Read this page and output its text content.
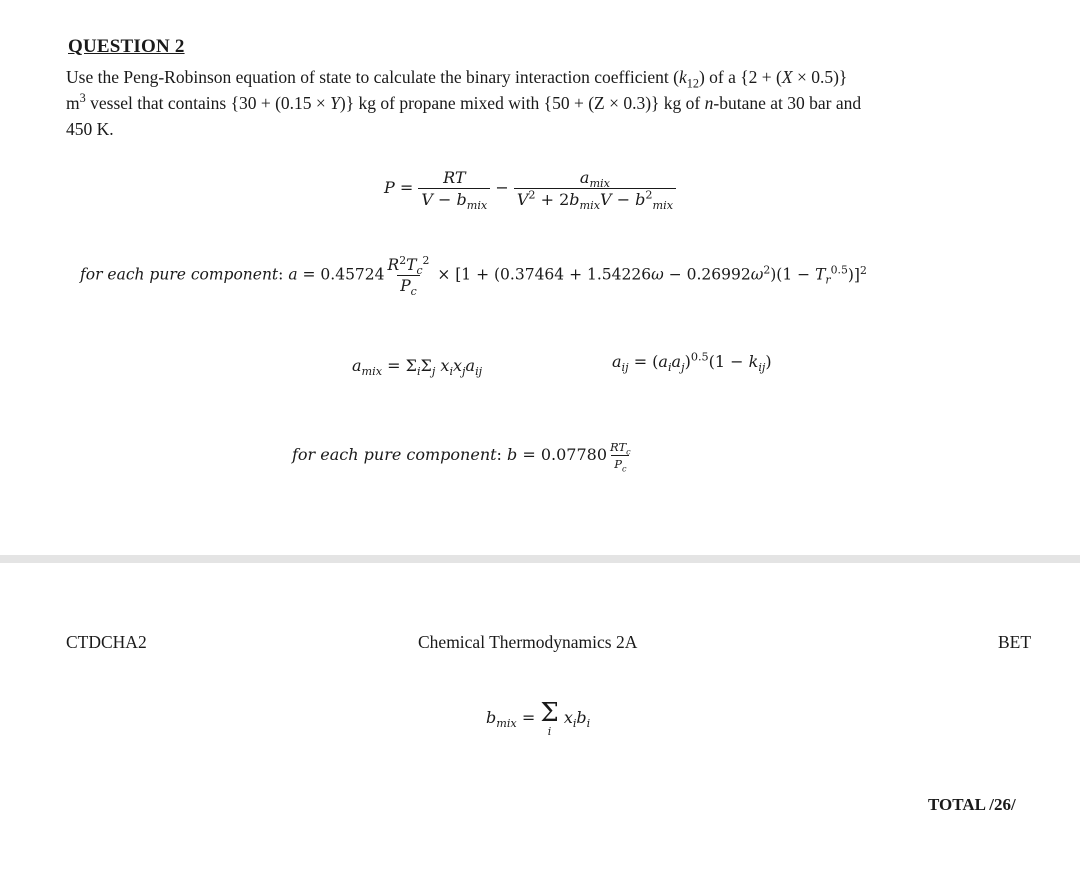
QUESTION 2
Use the Peng-Robinson equation of state to calculate the binary interaction coefficient $(k_{12})$ of a {2 + (X × 0.5)}
$m^3$ vessel that contains {30 + (0.15 × Y)} kg of propane mixed with {50 + (Z × 0.3)} kg of n-butane at 30 bar and
450 K.
$P = \frac{RT}{V - b_{mix}} - \frac{a_{mix}}{V^2 + 2b_{mix}V - b^2_{mix}}$
for each pure component: $a = 0.45724 \frac{R^2T_c^2}{P_c} \times [1 + (0.37464 + 1.54226\omega - 0.26992\omega^2)(1 - T_r^{0.5})]^2$
$a_{mix} = \Sigma_i\Sigma_j$ $x_ix_ja_{ij}$
$a_{ij} = (a_ia_j)^{0.5}(1 - k_{ij})$
for each pure component: $b = 0.07780 \frac{RT_c}{P_c}$
CTDCHA2	Chemical Thermodynamics 2A	BET
$b_{mix} = \Sigma$
i
$x_ib_i$
TOTAL /26/
